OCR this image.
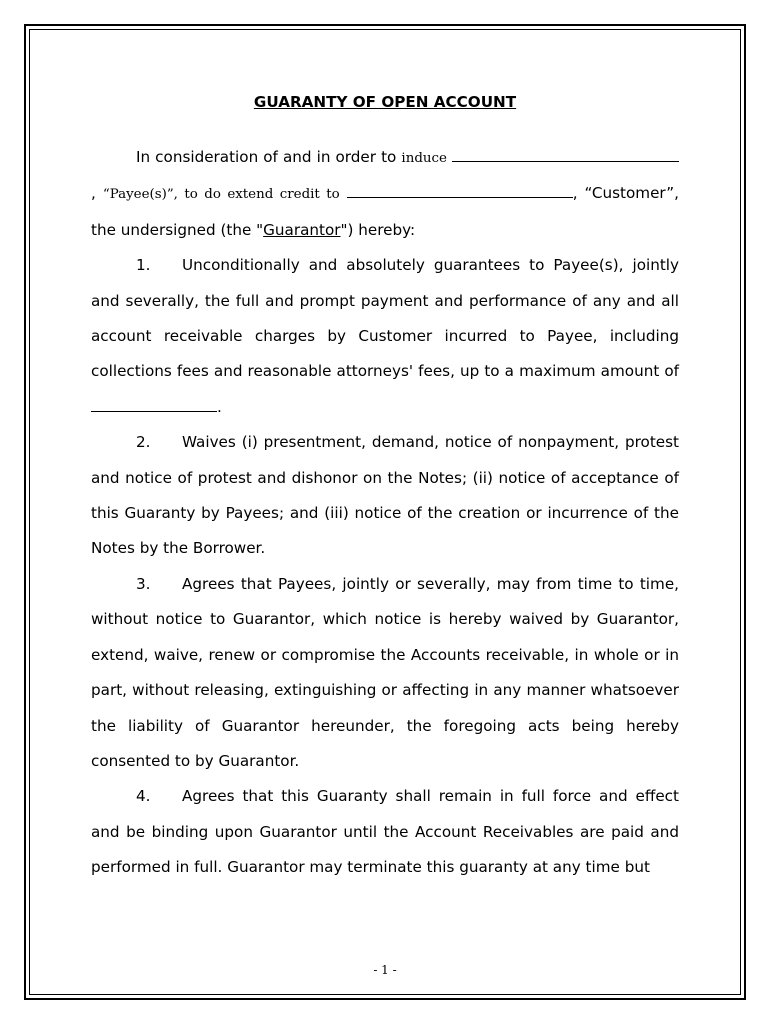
GUARANTY OF OPEN ACCOUNT

In consideration of and in order to induce , “Payee(s)”, to do extend credit to	, “Customer”, the undersigned (the "Guarantor") hereby:

1. Unconditionally and absolutely guarantees to Payee(s), jointly and severally, the full and prompt payment and performance of any and all account receivable charges by Customer incurred to Payee, including collections fees and reasonable attorneys' fees, up to a maximum amount of .

2. Waives (i) presentment, demand, notice of nonpayment, protest and notice of protest and dishonor on the Notes; (ii) notice of acceptance of this Guaranty by Payees; and (iii) notice of the creation or incurrence of the Notes by the Borrower.

3. Agrees that Payees, jointly or severally, may from time to time, without notice to Guarantor, which notice is hereby waived by Guarantor, extend, waive, renew or compromise the Accounts receivable, in whole or in part, without releasing, extinguishing or affecting in any manner whatsoever the liability of Guarantor hereunder, the foregoing acts being hereby consented to by Guarantor.

4. Agrees that this Guaranty shall remain in full force and effect and be binding upon Guarantor until the Account Receivables are paid and performed in full. Guarantor may terminate this guaranty at any time but

- 1 -
